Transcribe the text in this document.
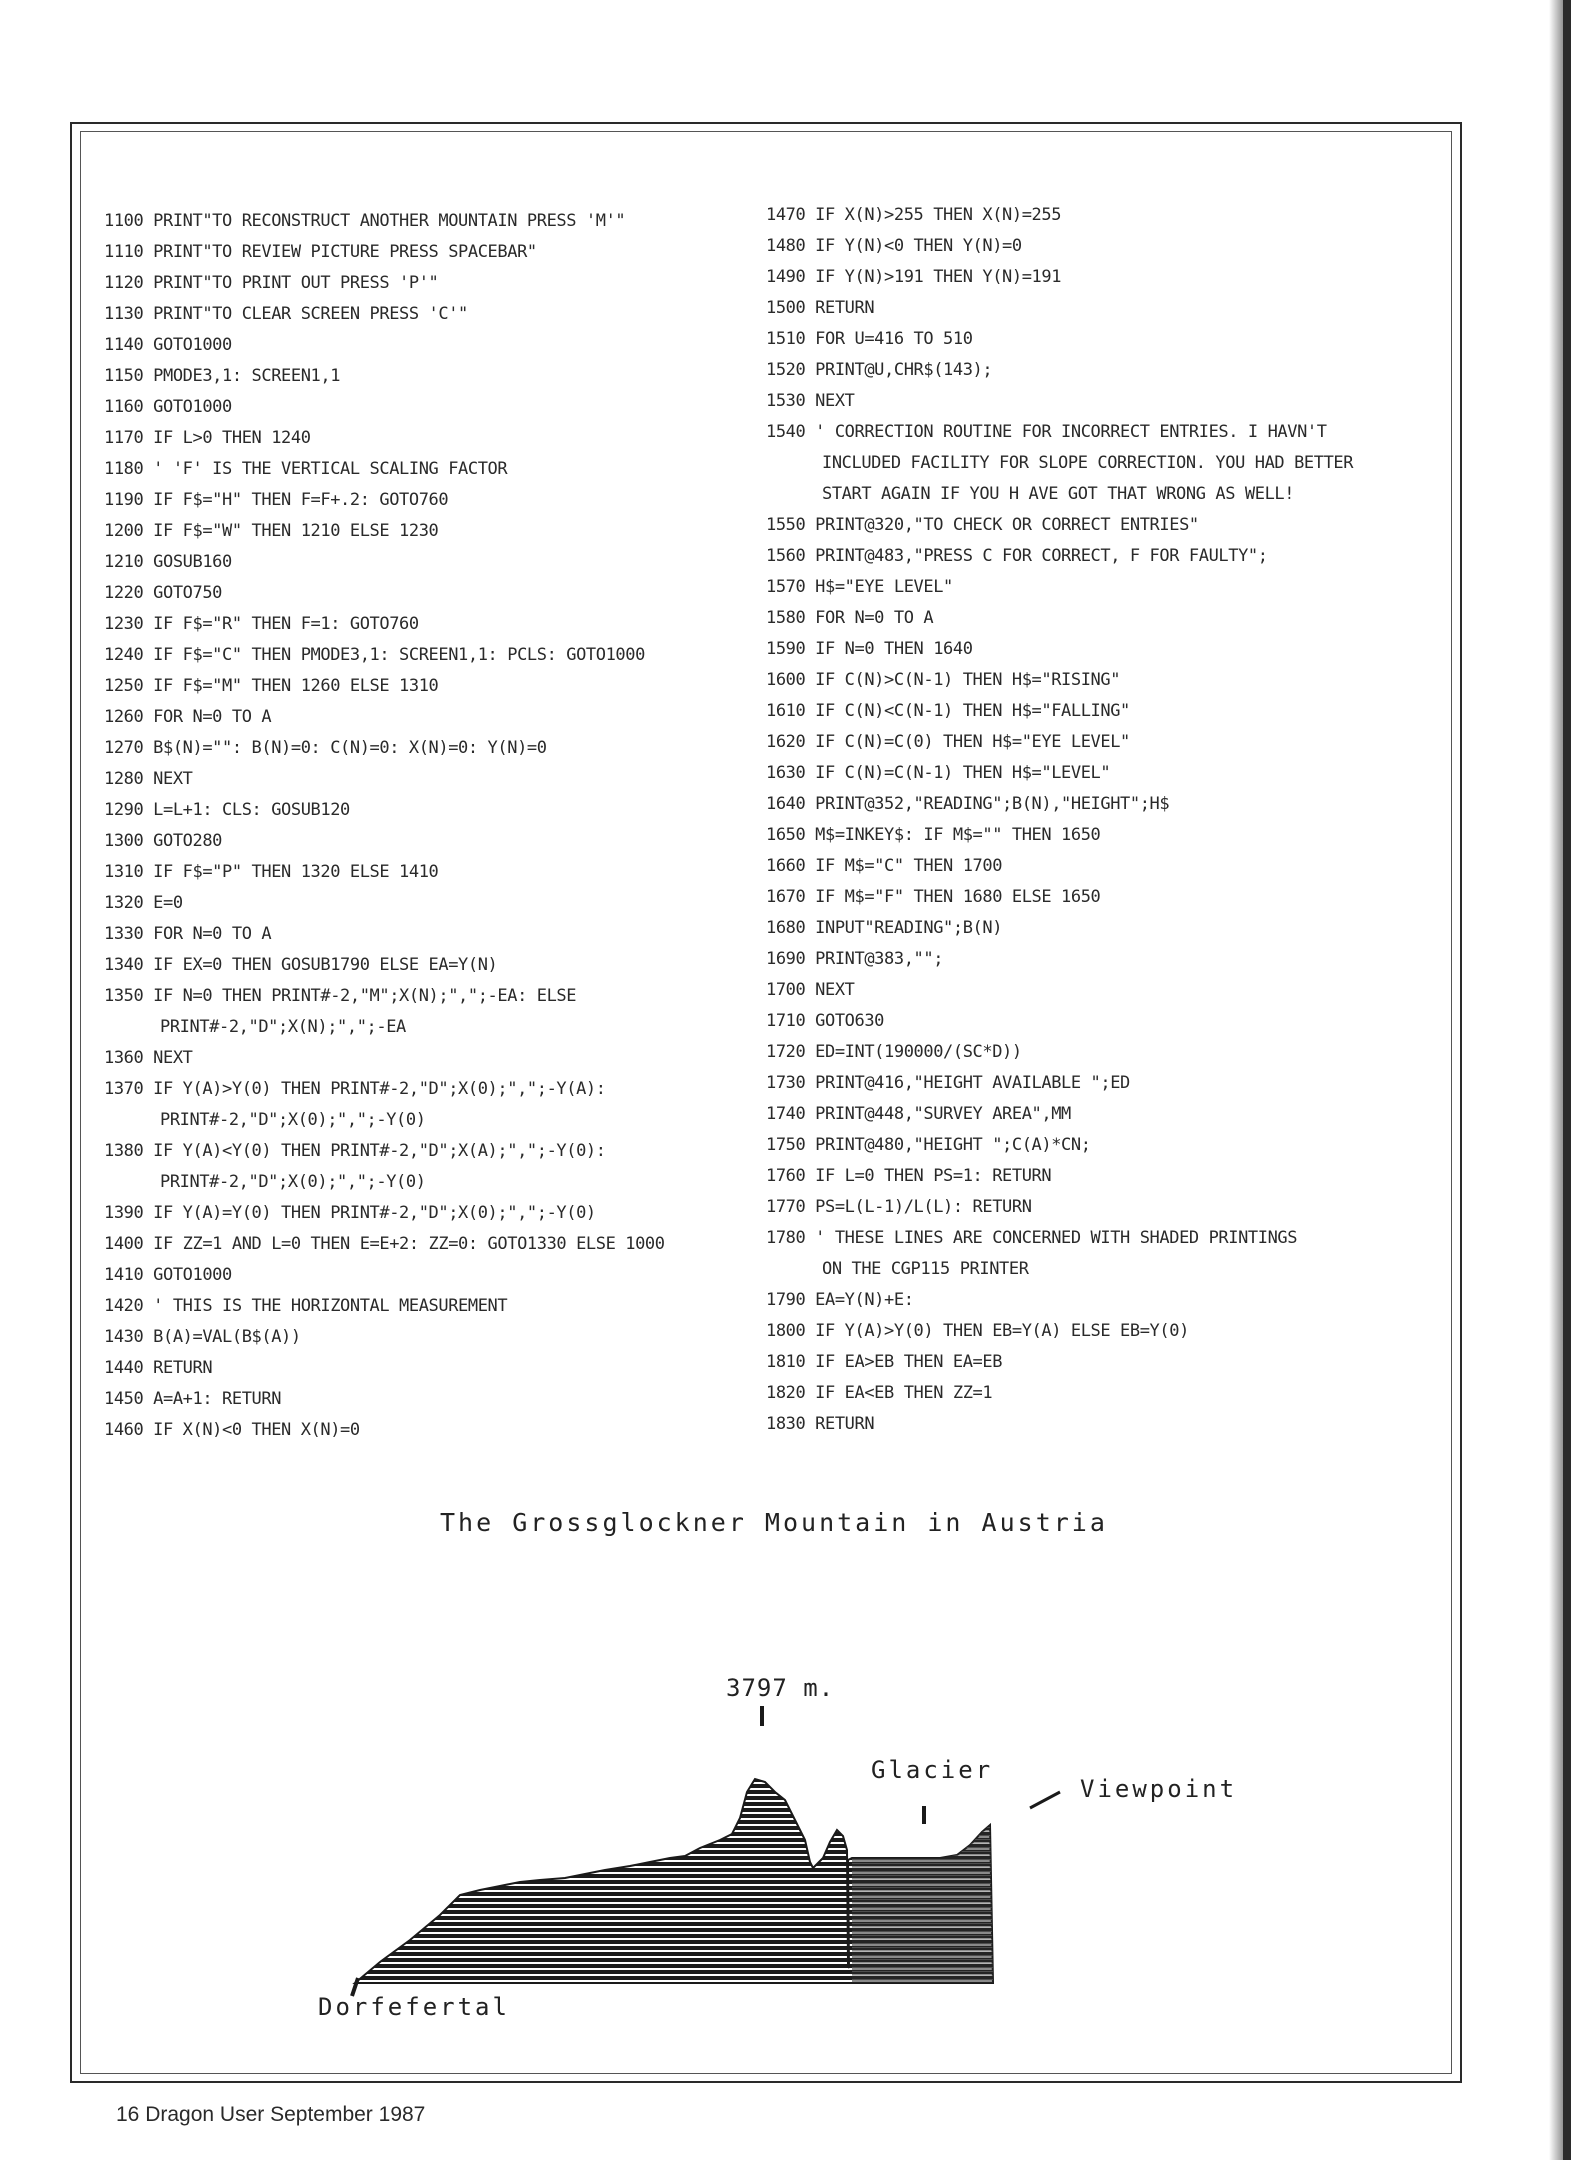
1100 PRINT"TO RECONSTRUCT ANOTHER MOUNTAIN PRESS 'M'"
1110 PRINT"TO REVIEW PICTURE PRESS SPACEBAR"
1120 PRINT"TO PRINT OUT PRESS 'P'"
1130 PRINT"TO CLEAR SCREEN PRESS 'C'"
1140 GOTO1000
1150 PMODE3,1: SCREEN1,1
1160 GOTO1000
1170 IF L>0 THEN 1240
1180 ' 'F' IS THE VERTICAL SCALING FACTOR
1190 IF F$="H" THEN F=F+.2: GOTO760
1200 IF F$="W" THEN 1210 ELSE 1230
1210 GOSUB160
1220 GOTO750
1230 IF F$="R" THEN F=1: GOTO760
1240 IF F$="C" THEN PMODE3,1: SCREEN1,1: PCLS: GOTO1000
1250 IF F$="M" THEN 1260 ELSE 1310
1260 FOR N=0 TO A
1270 B$(N)="": B(N)=0: C(N)=0: X(N)=0: Y(N)=0
1280 NEXT
1290 L=L+1: CLS: GOSUB120
1300 GOTO280
1310 IF F$="P" THEN 1320 ELSE 1410
1320 E=0
1330 FOR N=0 TO A
1340 IF EX=0 THEN GOSUB1790 ELSE EA=Y(N)
1350 IF N=0 THEN PRINT#-2,"M";X(N);",";-EA: ELSE
PRINT#-2,"D";X(N);",";-EA
1360 NEXT
1370 IF Y(A)>Y(0) THEN PRINT#-2,"D";X(0);",";-Y(A):
PRINT#-2,"D";X(0);",";-Y(0)
1380 IF Y(A)<Y(0) THEN PRINT#-2,"D";X(A);",";-Y(0):
PRINT#-2,"D";X(0);",";-Y(0)
1390 IF Y(A)=Y(0) THEN PRINT#-2,"D";X(0);",";-Y(0)
1400 IF ZZ=1 AND L=0 THEN E=E+2: ZZ=0: GOTO1330 ELSE 1000
1410 GOTO1000
1420 ' THIS IS THE HORIZONTAL MEASUREMENT
1430 B(A)=VAL(B$(A))
1440 RETURN
1450 A=A+1: RETURN
1460 IF X(N)<0 THEN X(N)=0
1470 IF X(N)>255 THEN X(N)=255
1480 IF Y(N)<0 THEN Y(N)=0
1490 IF Y(N)>191 THEN Y(N)=191
1500 RETURN
1510 FOR U=416 TO 510
1520 PRINT@U,CHR$(143);
1530 NEXT
1540 ' CORRECTION ROUTINE FOR INCORRECT ENTRIES. I HAVN'T
INCLUDED FACILITY FOR SLOPE CORRECTION. YOU HAD BETTER
START AGAIN IF YOU H AVE GOT THAT WRONG AS WELL!
1550 PRINT@320,"TO CHECK OR CORRECT ENTRIES"
1560 PRINT@483,"PRESS C FOR CORRECT, F FOR FAULTY";
1570 H$="EYE LEVEL"
1580 FOR N=0 TO A
1590 IF N=0 THEN 1640
1600 IF C(N)>C(N-1) THEN H$="RISING"
1610 IF C(N)<C(N-1) THEN H$="FALLING"
1620 IF C(N)=C(0) THEN H$="EYE LEVEL"
1630 IF C(N)=C(N-1) THEN H$="LEVEL"
1640 PRINT@352,"READING";B(N),"HEIGHT";H$
1650 M$=INKEY$: IF M$="" THEN 1650
1660 IF M$="C" THEN 1700
1670 IF M$="F" THEN 1680 ELSE 1650
1680 INPUT"READING";B(N)
1690 PRINT@383,"";
1700 NEXT
1710 GOTO630
1720 ED=INT(190000/(SC*D))
1730 PRINT@416,"HEIGHT AVAILABLE ";ED
1740 PRINT@448,"SURVEY AREA",MM
1750 PRINT@480,"HEIGHT ";C(A)*CN;
1760 IF L=0 THEN PS=1: RETURN
1770 PS=L(L-1)/L(L): RETURN
1780 ' THESE LINES ARE CONCERNED WITH SHADED PRINTINGS
ON THE CGP115 PRINTER
1790 EA=Y(N)+E:
1800 IF Y(A)>Y(0) THEN EB=Y(A) ELSE EB=Y(0)
1810 IF EA>EB THEN EA=EB
1820 IF EA<EB THEN ZZ=1
1830 RETURN
The Grossglockner Mountain in Austria
3797 m.
Glacier
Viewpoint
Dorfefertal
16 Dragon User September 1987
